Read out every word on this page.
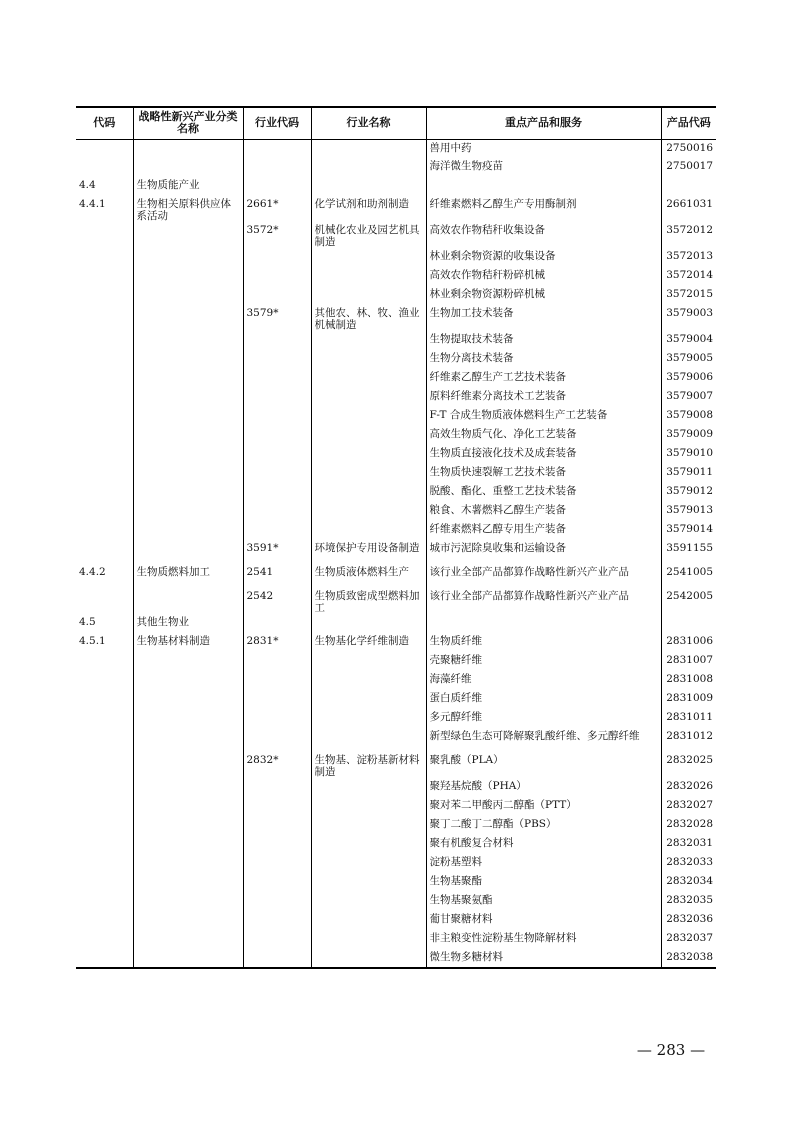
代码	战略性新兴产业分类名称	行业代码	行业名称	重点产品和服务	产品代码
				兽用中药	2750016
				海洋微生物疫苗	2750017
4.4	生物质能产业				
4.4.1	生物相关原料供应体系活动	2661*	化学试剂和助剂制造	纤维素燃料乙醇生产专用酶制剂	2661031
		3572*	机械化农业及园艺机具制造	高效农作物秸秆收集设备	3572012
				林业剩余物资源的收集设备	3572013
				高效农作物秸秆粉碎机械	3572014
				林业剩余物资源粉碎机械	3572015
		3579*	其他农、林、牧、渔业机械制造	生物加工技术装备	3579003
				生物提取技术装备	3579004
				生物分离技术装备	3579005
				纤维素乙醇生产工艺技术装备	3579006
				原料纤维素分离技术工艺装备	3579007
				F-T 合成生物质液体燃料生产工艺装备	3579008
				高效生物质气化、净化工艺装备	3579009
				生物质直接液化技术及成套装备	3579010
				生物质快速裂解工艺技术装备	3579011
				脱酸、酯化、重整工艺技术装备	3579012
				粮食、木薯燃料乙醇生产装备	3579013
				纤维素燃料乙醇专用生产装备	3579014
		3591*	环境保护专用设备制造	城市污泥除臭收集和运输设备	3591155
4.4.2	生物质燃料加工	2541	生物质液体燃料生产	该行业全部产品都算作战略性新兴产业产品	2541005
		2542	生物质致密成型燃料加工	该行业全部产品都算作战略性新兴产业产品	2542005
4.5	其他生物业				
4.5.1	生物基材料制造	2831*	生物基化学纤维制造	生物质纤维	2831006
				壳聚糖纤维	2831007
				海藻纤维	2831008
				蛋白质纤维	2831009
				多元醇纤维	2831011
				新型绿色生态可降解聚乳酸纤维、多元醇纤维	2831012
		2832*	生物基、淀粉基新材料制造	聚乳酸（PLA）	2832025
				聚羟基烷酸（PHA）	2832026
				聚对苯二甲酸丙二醇酯（PTT）	2832027
				聚丁二酸丁二醇酯（PBS）	2832028
				聚有机酸复合材料	2832031
				淀粉基塑料	2832033
				生物基聚酯	2832034
				生物基聚氨酯	2832035
				葡甘聚糖材料	2832036
				非主粮变性淀粉基生物降解材料	2832037
				微生物多糖材料	2832038
— 283 —
